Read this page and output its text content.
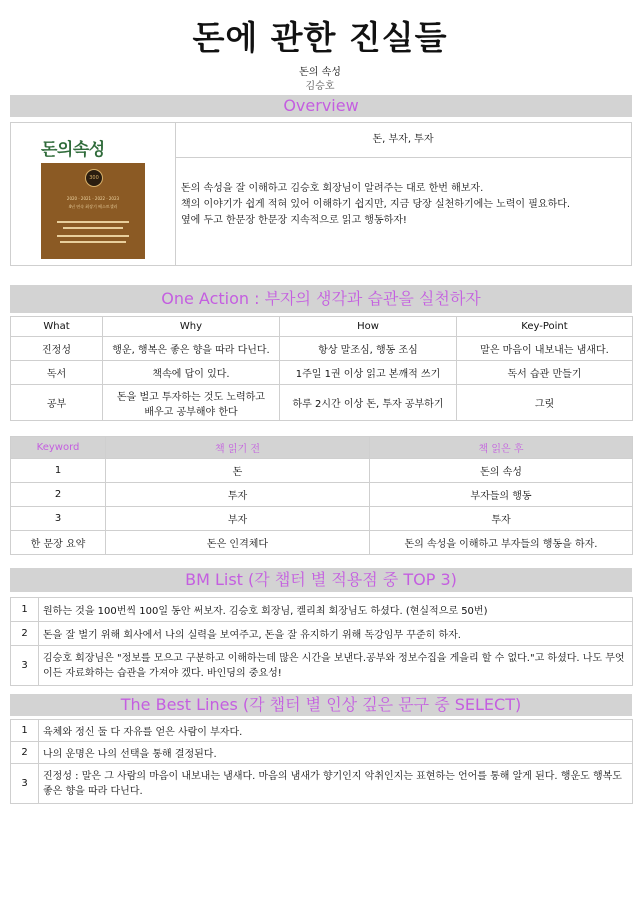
돈에 관한 진실들
돈의 속성
김승호
Overview
돈의속성
300
2020 · 2021 · 2022 · 2023
4년 연속 최장기 베스트셀러
돈, 부자, 투자
돈의 속성을 잘 이해하고 김승호 회장님이 알려주는 대로 한번 해보자.
책의 이야기가 쉽게 적혀 있어 이해하기 쉽지만, 지금 당장 실천하기에는 노력이 필요하다.
옆에 두고 한문장 한문장 지속적으로 읽고 행동하자!
One Action : 부자의 생각과 습관을 실천하자
What	Why	How	Key-Point
진정성	행운, 행복은 좋은 향을 따라 다닌다.	항상 말조심, 행동 조심	말은 마음이 내보내는 냄새다.
독서	책속에 답이 있다.	1주일 1권 이상 읽고 본깨적 쓰기	독서 습관 만들기
공부	돈을 벌고 투자하는 것도 노력하고 배우고 공부해야 한다	하루 2시간 이상 돈, 투자 공부하기	그릿
Keyword	책 읽기 전	책 읽은 후
1	돈	돈의 속성
2	투자	부자들의 행동
3	부자	투자
한 문장 요약	돈은 인격체다	돈의 속성을 이해하고 부자들의 행동을 하자.
BM List (각 챕터 별 적용점 중 TOP 3)
1	원하는 것을 100번씩 100일 동안 써보자. 김승호 회장님, 켈리최 회장님도 하셨다. (현실적으로 50번)
2	돈을 잘 벌기 위해 회사에서 나의 실력을 보여주고, 돈을 잘 유지하기 위해 독강임무 꾸준히 하자.
3	김승호 회장님은 "정보를 모으고 구분하고 이해하는데 많은 시간을 보낸다.공부와 정보수집을 게을리 할 수 없다."고 하셨다. 나도 무엇이든 자료화하는 습관을 가져야 겠다. 바인딩의 중요성!
The Best Lines (각 챕터 별 인상 깊은 문구 중 SELECT)
1	육체와 정신 둘 다 자유를 얻은 사람이 부자다.
2	나의 운명은 나의 선택을 통해 결정된다.
3	진정성 : 말은 그 사람의 마음이 내보내는 냄새다. 마음의 냄새가 향기인지 악취인지는 표현하는 언어를 통해 알게 된다. 행운도 행복도 좋은 향을 따라 다닌다.
